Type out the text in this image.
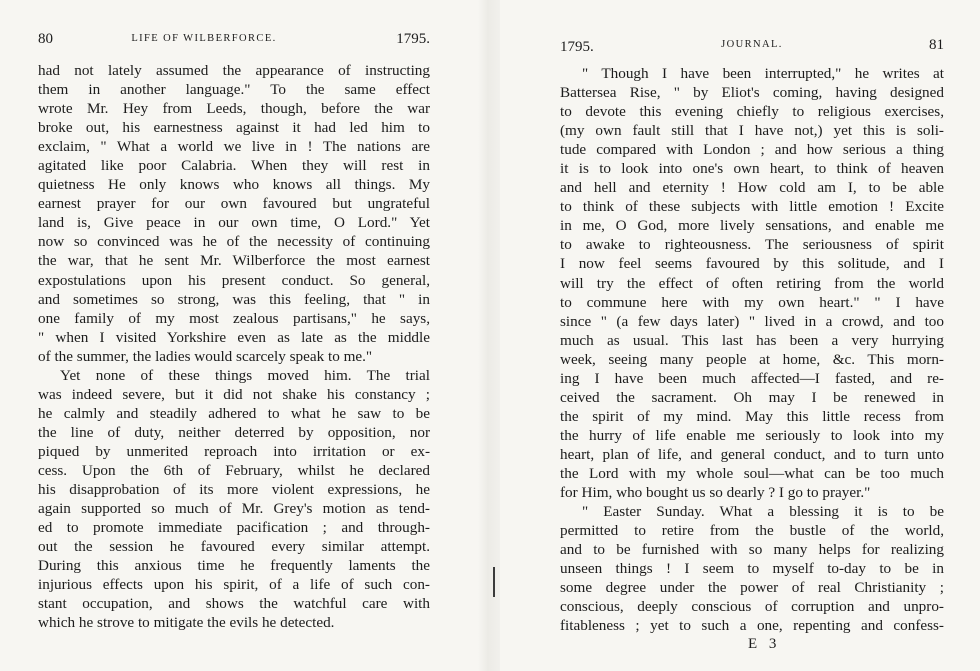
80	LIFE OF WILBERFORCE.	1795.
had not lately assumed the appearance of instructing
them in another language." To the same effect
wrote Mr. Hey from Leeds, though, before the war
broke out, his earnestness against it had led him to
exclaim, " What a world we live in ! The nations are
agitated like poor Calabria. When they will rest in
quietness He only knows who knows all things. My
earnest prayer for our own favoured but ungrateful
land is, Give peace in our own time, O Lord." Yet
now so convinced was he of the necessity of continuing
the war, that he sent Mr. Wilberforce the most earnest
expostulations upon his present conduct. So general,
and sometimes so strong, was this feeling, that " in
one family of my most zealous partisans," he says,
" when I visited Yorkshire even as late as the middle
of the summer, the ladies would scarcely speak to me."
Yet none of these things moved him. The trial
was indeed severe, but it did not shake his constancy ;
he calmly and steadily adhered to what he saw to be
the line of duty, neither deterred by opposition, nor
piqued by unmerited reproach into irritation or ex-
cess. Upon the 6th of February, whilst he declared
his disapprobation of its more violent expressions, he
again supported so much of Mr. Grey's motion as tend-
ed to promote immediate pacification ; and through-
out the session he favoured every similar attempt.
During this anxious time he frequently laments the
injurious effects upon his spirit, of a life of such con-
stant occupation, and shows the watchful care with
which he strove to mitigate the evils he detected.
1795.	JOURNAL.	81
" Though I have been interrupted," he writes at
Battersea Rise, " by Eliot's coming, having designed
to devote this evening chiefly to religious exercises,
(my own fault still that I have not,) yet this is soli-
tude compared with London ; and how serious a thing
it is to look into one's own heart, to think of heaven
and hell and eternity ! How cold am I, to be able
to think of these subjects with little emotion ! Excite
in me, O God, more lively sensations, and enable me
to awake to righteousness. The seriousness of spirit
I now feel seems favoured by this solitude, and I
will try the effect of often retiring from the world
to commune here with my own heart." " I have
since " (a few days later) " lived in a crowd, and too
much as usual. This last has been a very hurrying
week, seeing many people at home, &c. This morn-
ing I have been much affected—I fasted, and re-
ceived the sacrament. Oh may I be renewed in
the spirit of my mind. May this little recess from
the hurry of life enable me seriously to look into my
heart, plan of life, and general conduct, and to turn unto
the Lord with my whole soul—what can be too much
for Him, who bought us so dearly ? I go to prayer."
" Easter Sunday. What a blessing it is to be
permitted to retire from the bustle of the world,
and to be furnished with so many helps for realizing
unseen things ! I seem to myself to-day to be in
some degree under the power of real Christianity ;
conscious, deeply conscious of corruption and unpro-
fitableness ; yet to such a one, repenting and confess-
E 3
